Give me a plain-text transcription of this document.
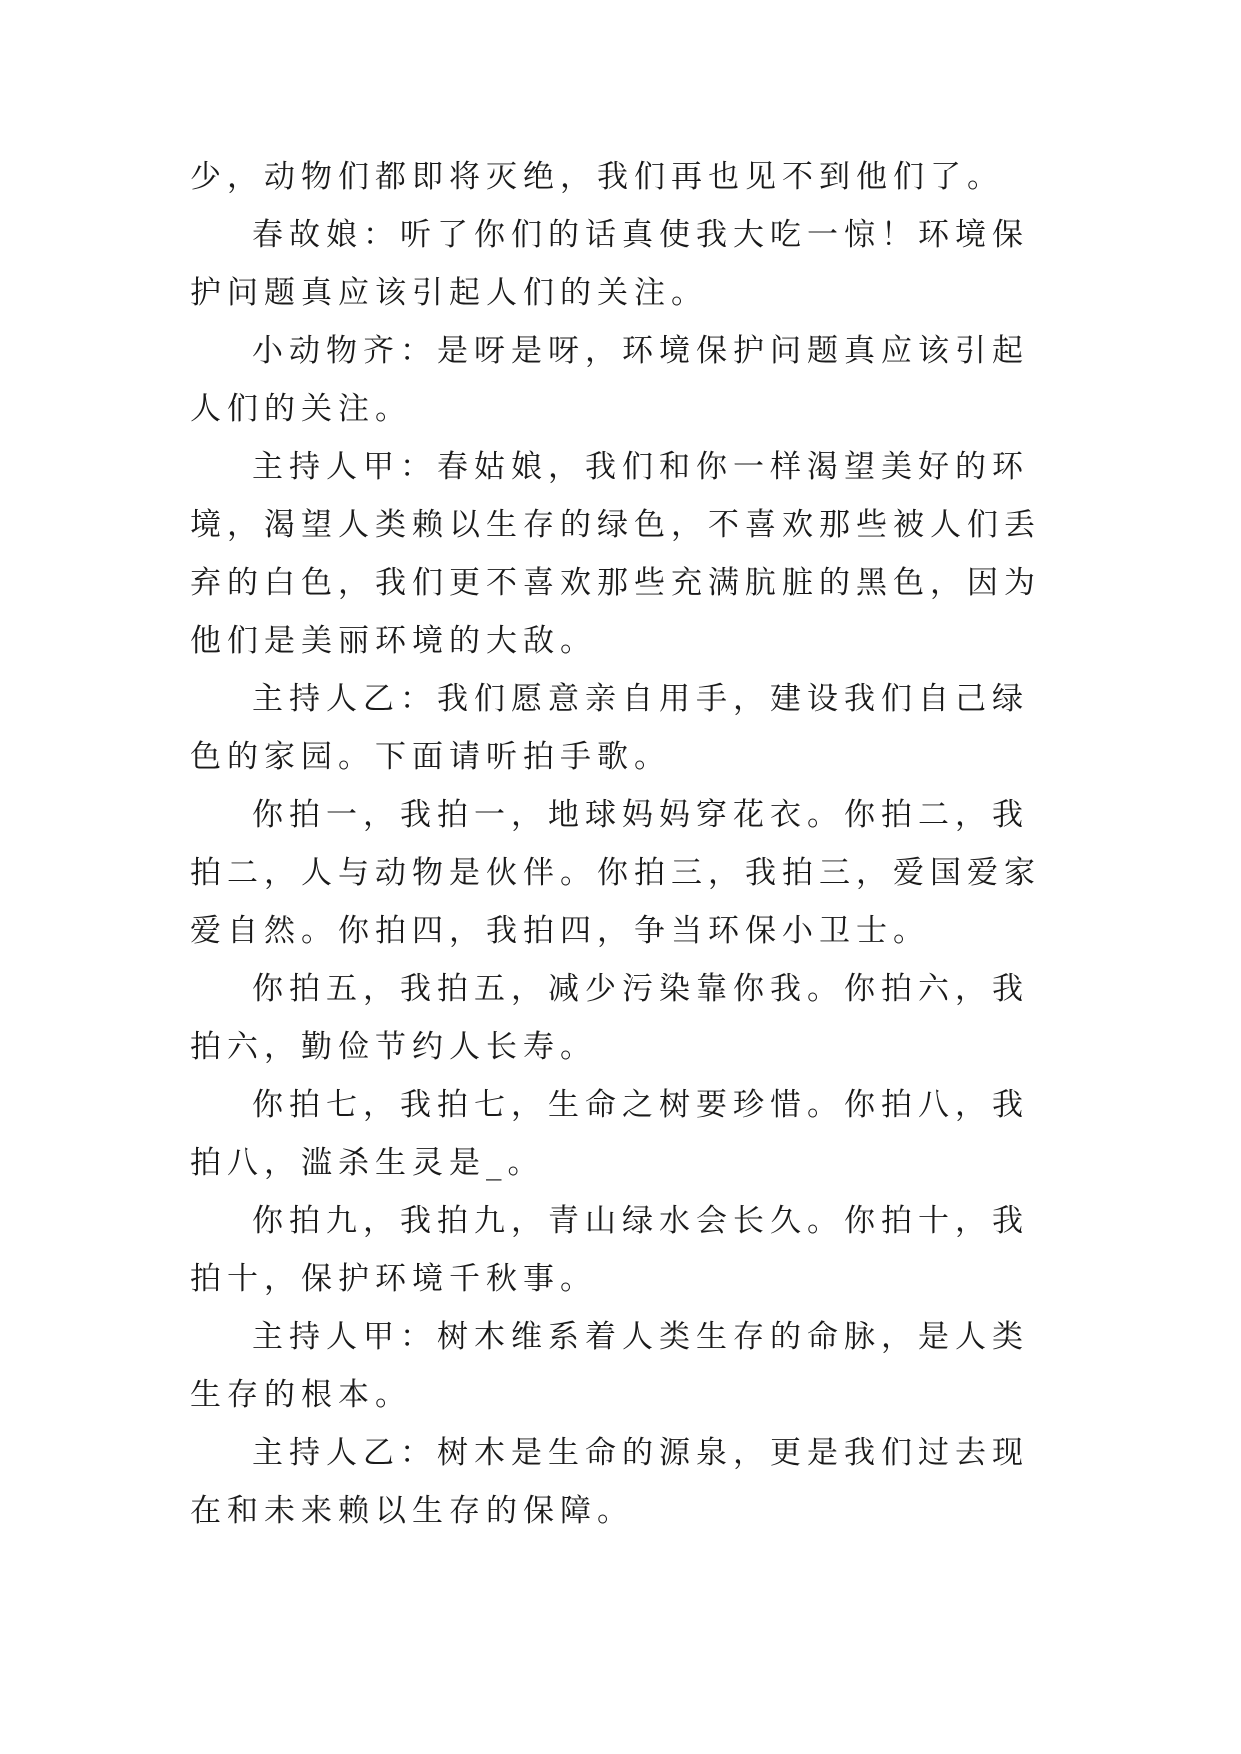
少，动物们都即将灭绝，我们再也见不到他们了。

春故娘：听了你们的话真使我大吃一惊！环境保护问题真应该引起人们的关注。

小动物齐：是呀是呀，环境保护问题真应该引起人们的关注。

主持人甲：春姑娘，我们和你一样渴望美好的环境，渴望人类赖以生存的绿色，不喜欢那些被人们丢弃的白色，我们更不喜欢那些充满肮脏的黑色，因为他们是美丽环境的大敌。

主持人乙：我们愿意亲自用手，建设我们自己绿色的家园。下面请听拍手歌。

你拍一，我拍一，地球妈妈穿花衣。你拍二，我拍二，人与动物是伙伴。你拍三，我拍三，爱国爱家爱自然。你拍四，我拍四，争当环保小卫士。

你拍五，我拍五，减少污染靠你我。你拍六，我拍六，勤俭节约人长寿。

你拍七，我拍七，生命之树要珍惜。你拍八，我拍八，滥杀生灵是_。

你拍九，我拍九，青山绿水会长久。你拍十，我拍十，保护环境千秋事。

主持人甲：树木维系着人类生存的命脉，是人类生存的根本。

主持人乙：树木是生命的源泉，更是我们过去现在和未来赖以生存的保障。
